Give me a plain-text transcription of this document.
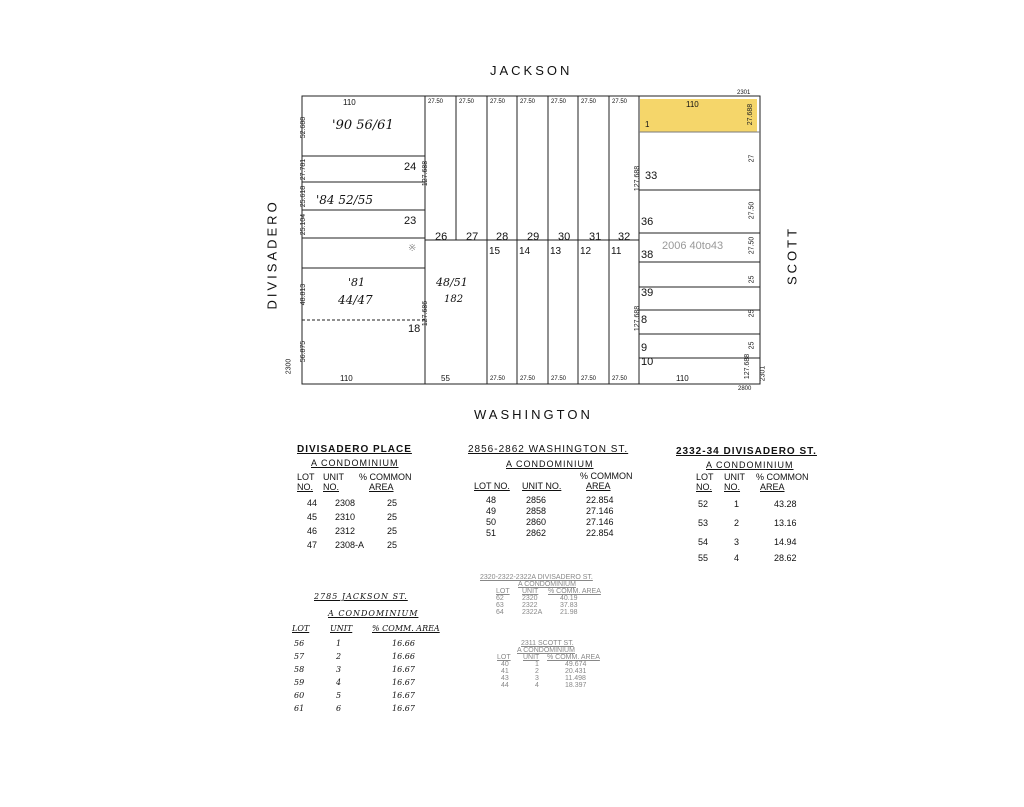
JACKSON
WASHINGTON
DIVISADERO	SCOTT
2301
2800
2300	2301
110
110	55	110
110
1	27.688
27.50	27.50	27.50 27.50	27.50 27.50	27.50
27.50 27.50	27.50 27.50	27.50
52.688
27.781
25.618
25.104
48.813
56.875
127.688
127.686
127.688
127.688
127.688
27
27.50
27.50
25
25
25
'90 56/61
'84 52/55
'81
44/47
48/51
182
※
24
23
18
26 27 28 29 30 31 32
15 14 13 12 11
33
36
38
39
8
9
10
2006 40to43
DIVISADERO PLACE
A CONDOMINIUM
LOT UNIT	% COMMON
NO.	NO.	AREA
44	2308	25
45	2310	25
46	2312	25
47	2308-A	25
2856-2862 WASHINGTON ST.
A CONDOMINIUM
% COMMON
LOT NO.	UNIT NO.	AREA
48	2856	22.854
49	2858	27.146
50	2860	27.146
51	2862	22.854
2332-34 DIVISADERO ST.
A CONDOMINIUM
LOT	UNIT	% COMMON
NO.	NO.	AREA
52	1	43.28
53	2	13.16
54	3	14.94
55	4	28.62
2785 JACKSON ST.
A CONDOMINIUM
LOT	UNIT	% COMM. AREA
56	1	16.66
57	2	16.66
58	3	16.67
59	4	16.67
60	5	16.67
61	6	16.67
2320-2322-2322A DIVISADERO ST.
A CONDOMINIUM
LOT	UNIT	% COMM. AREA
62	2320	40.19
63	2322	37.83
64	2322A	21.98
2311 SCOTT ST.
A CONDOMINIUM
LOT	UNIT	% COMM. AREA
40	1	49.674
41	2	20.431
43	3	11.498
44	4	18.397
